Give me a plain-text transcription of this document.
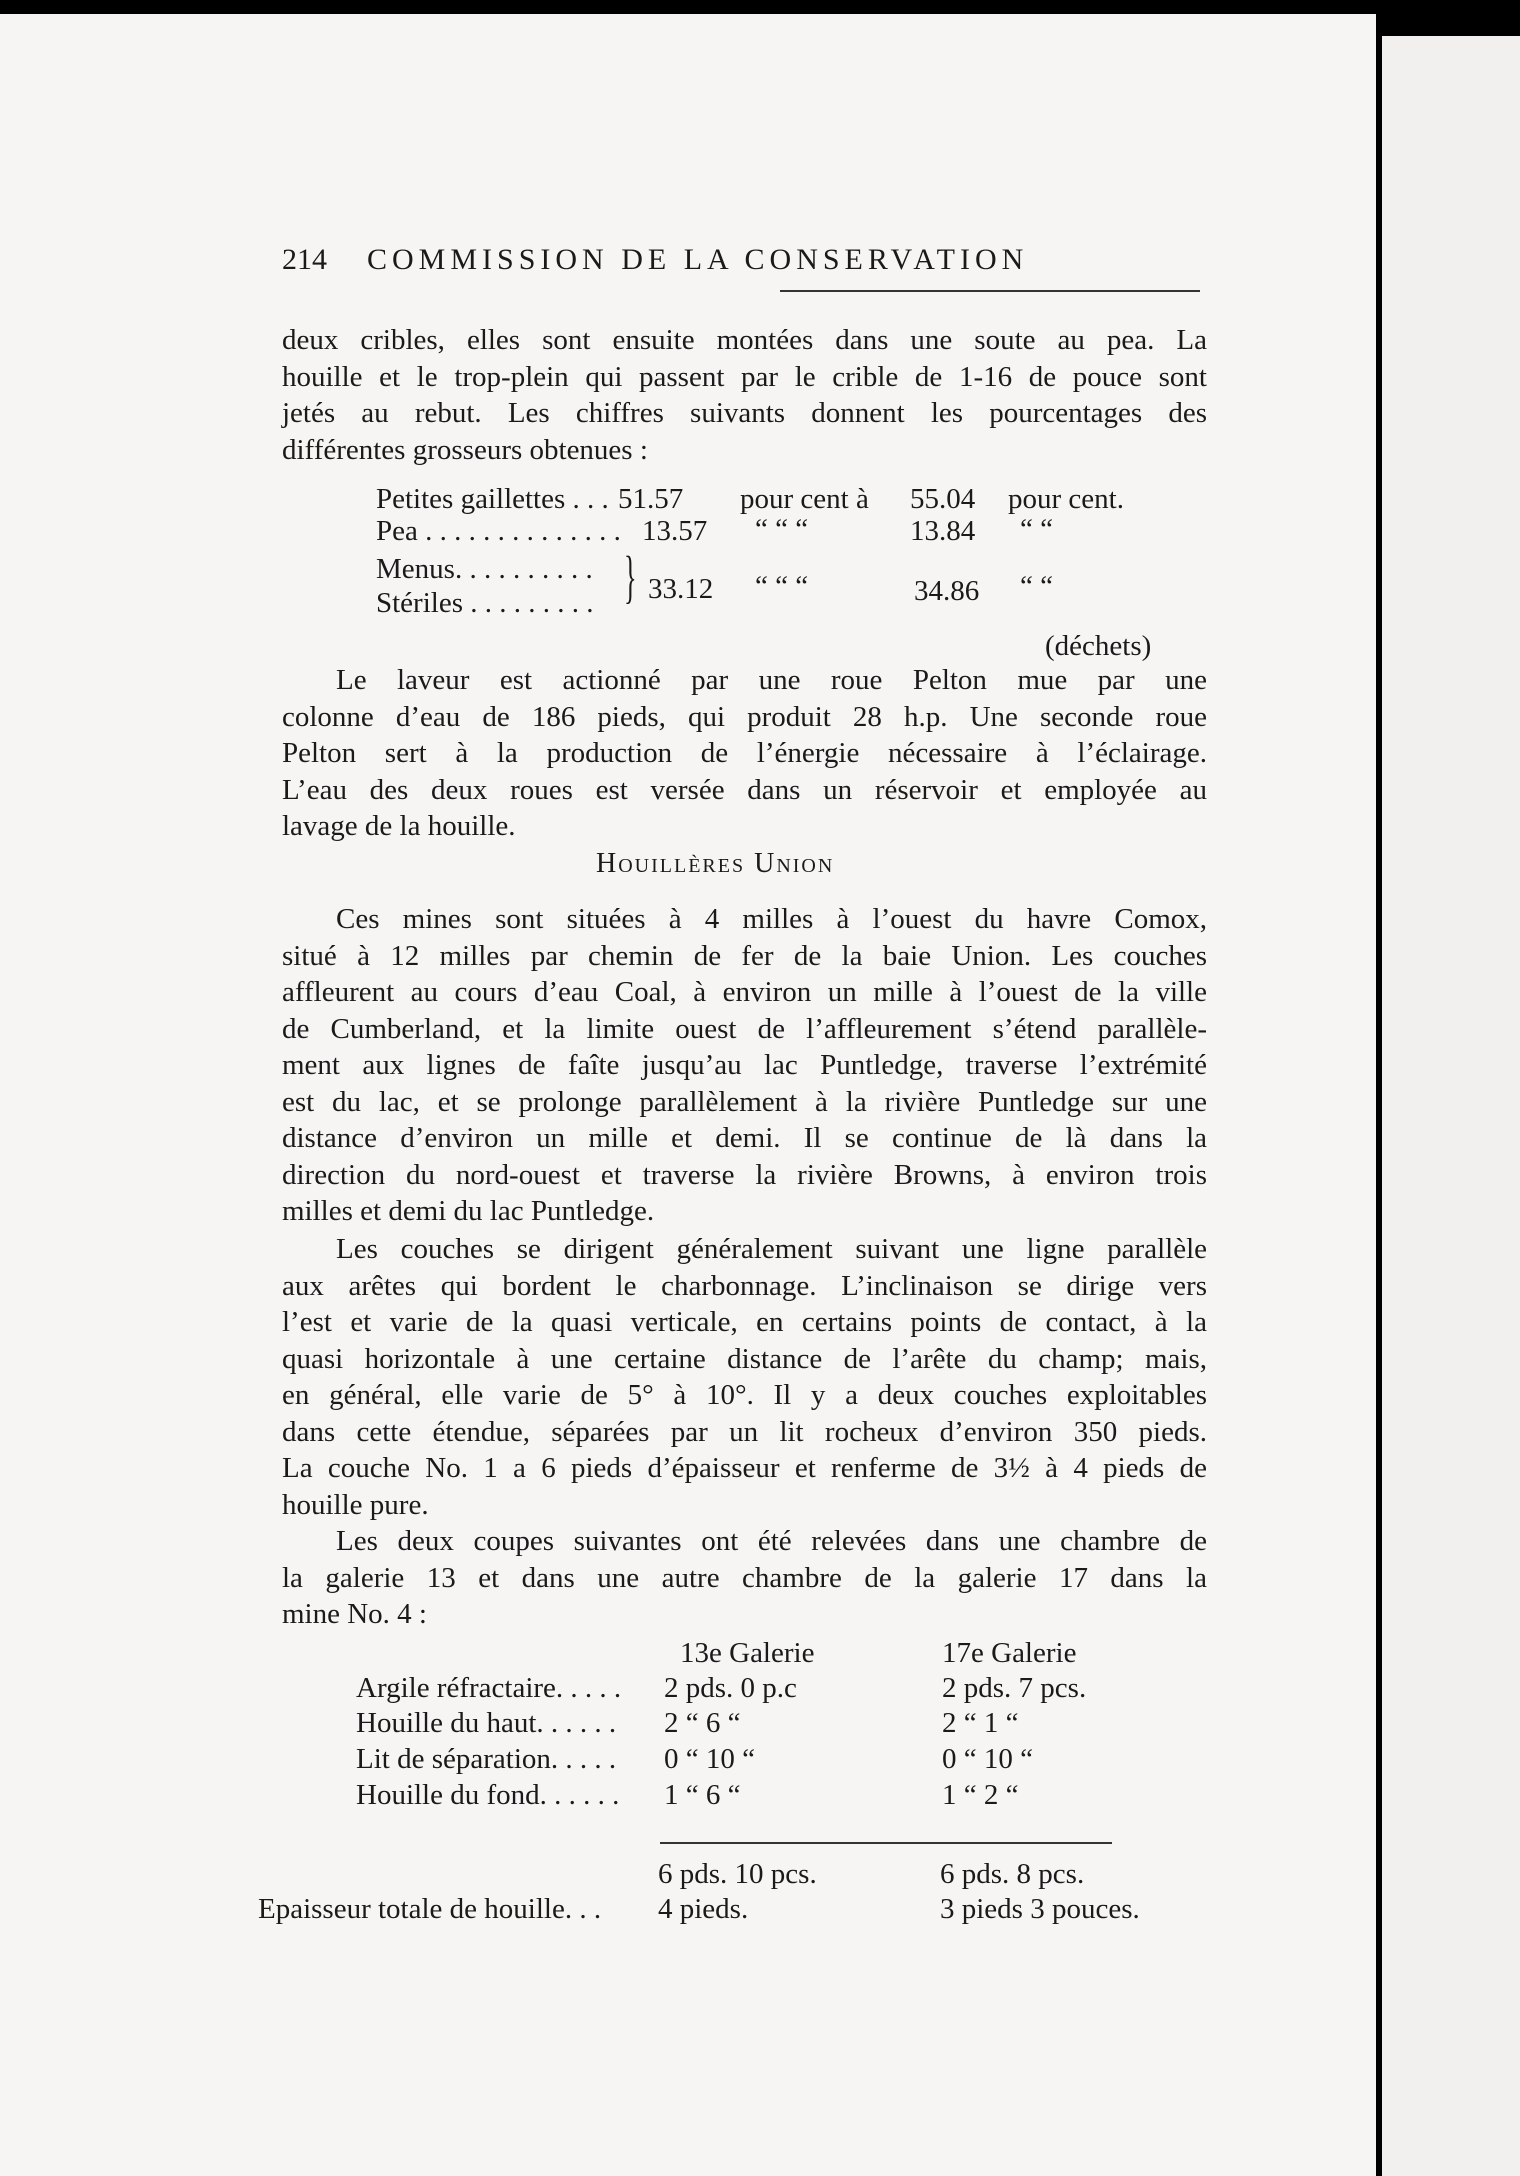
214 COMMISSION DE LA CONSERVATION
deux cribles, elles sont ensuite montées dans une soute au pea. La
houille et le trop-plein qui passent par le crible de 1-16 de pouce sont
jetés au rebut. Les chiffres suivants donnent les pourcentages des
différentes grosseurs obtenues :
Petites gaillettes . . . 51.57 pour cent à 55.04 pour cent.
Pea . . . . . . . . . . . . . . 13.57 “ “ “	13.84 “ “
Menus. . . . . . . . . .
Stériles . . . . . . . . . } 33.12 “ “ “	34.86 “ “
(déchets)
Le laveur est actionné par une roue Pelton mue par une
colonne d’eau de 186 pieds, qui produit 28 h.p. Une seconde roue
Pelton sert à la production de l’énergie nécessaire à l’éclairage.
L’eau des deux roues est versée dans un réservoir et employée au
lavage de la houille.
Houillères Union
Ces mines sont situées à 4 milles à l’ouest du havre Comox,
situé à 12 milles par chemin de fer de la baie Union. Les couches
affleurent au cours d’eau Coal, à environ un mille à l’ouest de la ville
de Cumberland, et la limite ouest de l’affleurement s’étend parallèle-
ment aux lignes de faîte jusqu’au lac Puntledge, traverse l’extrémité
est du lac, et se prolonge parallèlement à la rivière Puntledge sur une
distance d’environ un mille et demi. Il se continue de là dans la
direction du nord-ouest et traverse la rivière Browns, à environ trois
milles et demi du lac Puntledge.
Les couches se dirigent généralement suivant une ligne parallèle
aux arêtes qui bordent le charbonnage. L’inclinaison se dirige vers
l’est et varie de la quasi verticale, en certains points de contact, à la
quasi horizontale à une certaine distance de l’arête du champ; mais,
en général, elle varie de 5° à 10°. Il y a deux couches exploitables
dans cette étendue, séparées par un lit rocheux d’environ 350 pieds.
La couche No. 1 a 6 pieds d’épaisseur et renferme de 3½ à 4 pieds de
houille pure.
Les deux coupes suivantes ont été relevées dans une chambre de
la galerie 13 et dans une autre chambre de la galerie 17 dans la
mine No. 4 :
13e Galerie	17e Galerie
Argile réfractaire. . . . . 2 pds. 0 p.c	2 pds. 7 pcs.
Houille du haut. . . . . . 2 “ 6 “	2 “ 1 “
Lit de séparation. . . . . 0 “ 10 “	0 “ 10 “
Houille du fond. . . . . . 1 “ 6 “	1 “ 2 “
6 pds. 10 pcs.	6 pds. 8 pcs.
Epaisseur totale de houille. . . 4 pieds.	3 pieds 3 pouces.
